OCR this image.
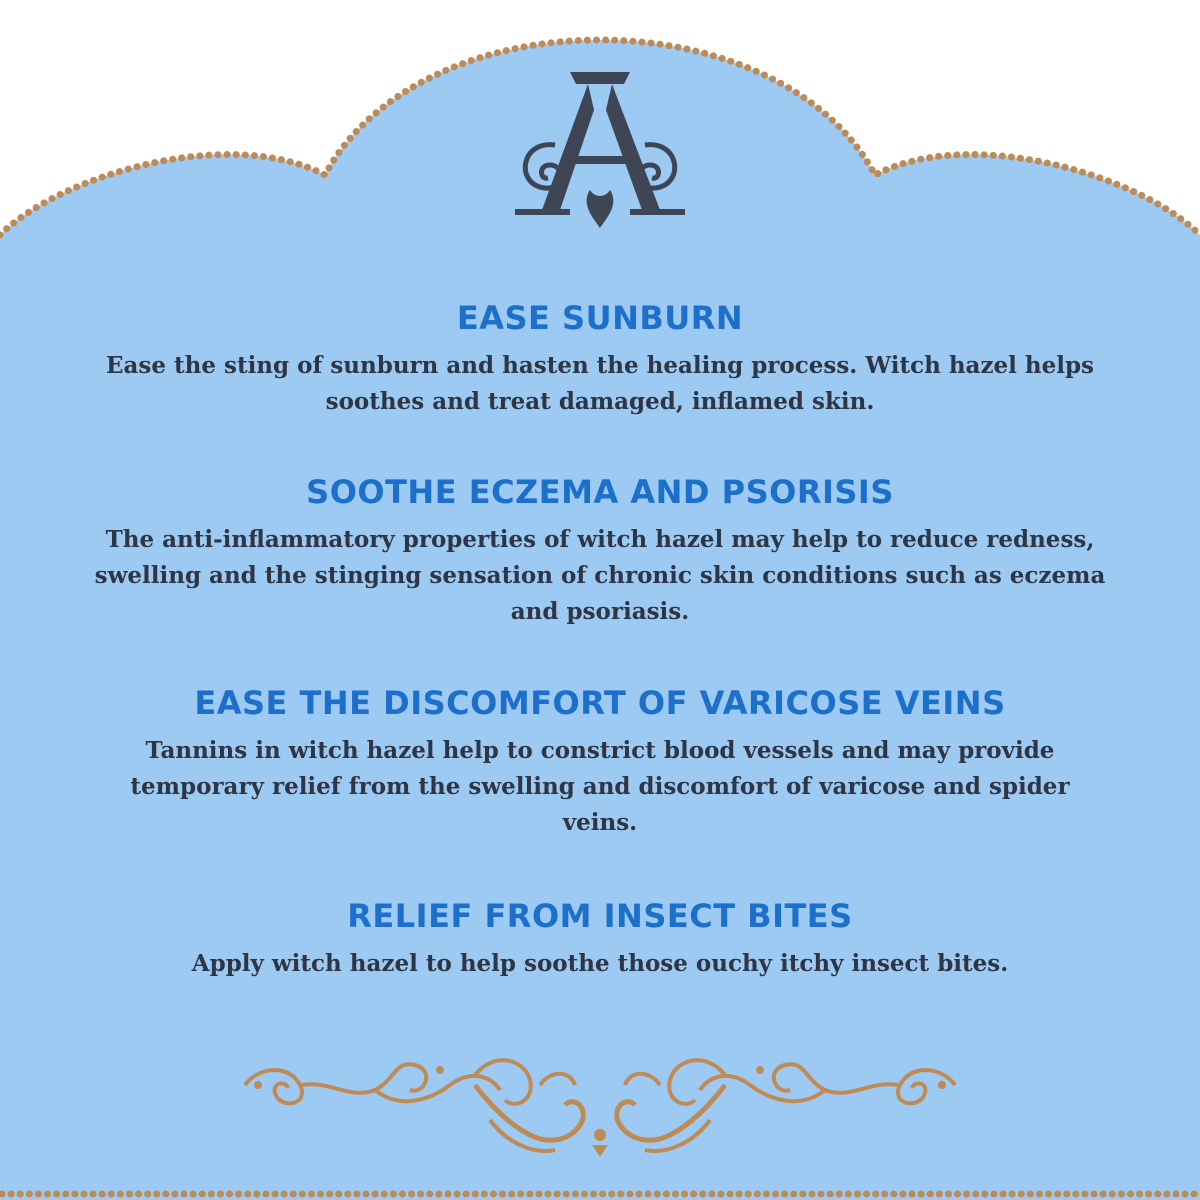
EASE SUNBURN

Ease the sting of sunburn and hasten the healing process. Witch hazel helps soothes and treat damaged, inflamed skin.

SOOTHE ECZEMA AND PSORISIS

The anti-inflammatory properties of witch hazel may help to reduce redness, swelling and the stinging sensation of chronic skin conditions such as eczema and psoriasis.

EASE THE DISCOMFORT OF VARICOSE VEINS

Tannins in witch hazel help to constrict blood vessels and may provide temporary relief from the swelling and discomfort of varicose and spider veins.

RELIEF FROM INSECT BITES

Apply witch hazel to help soothe those ouchy itchy insect bites.
